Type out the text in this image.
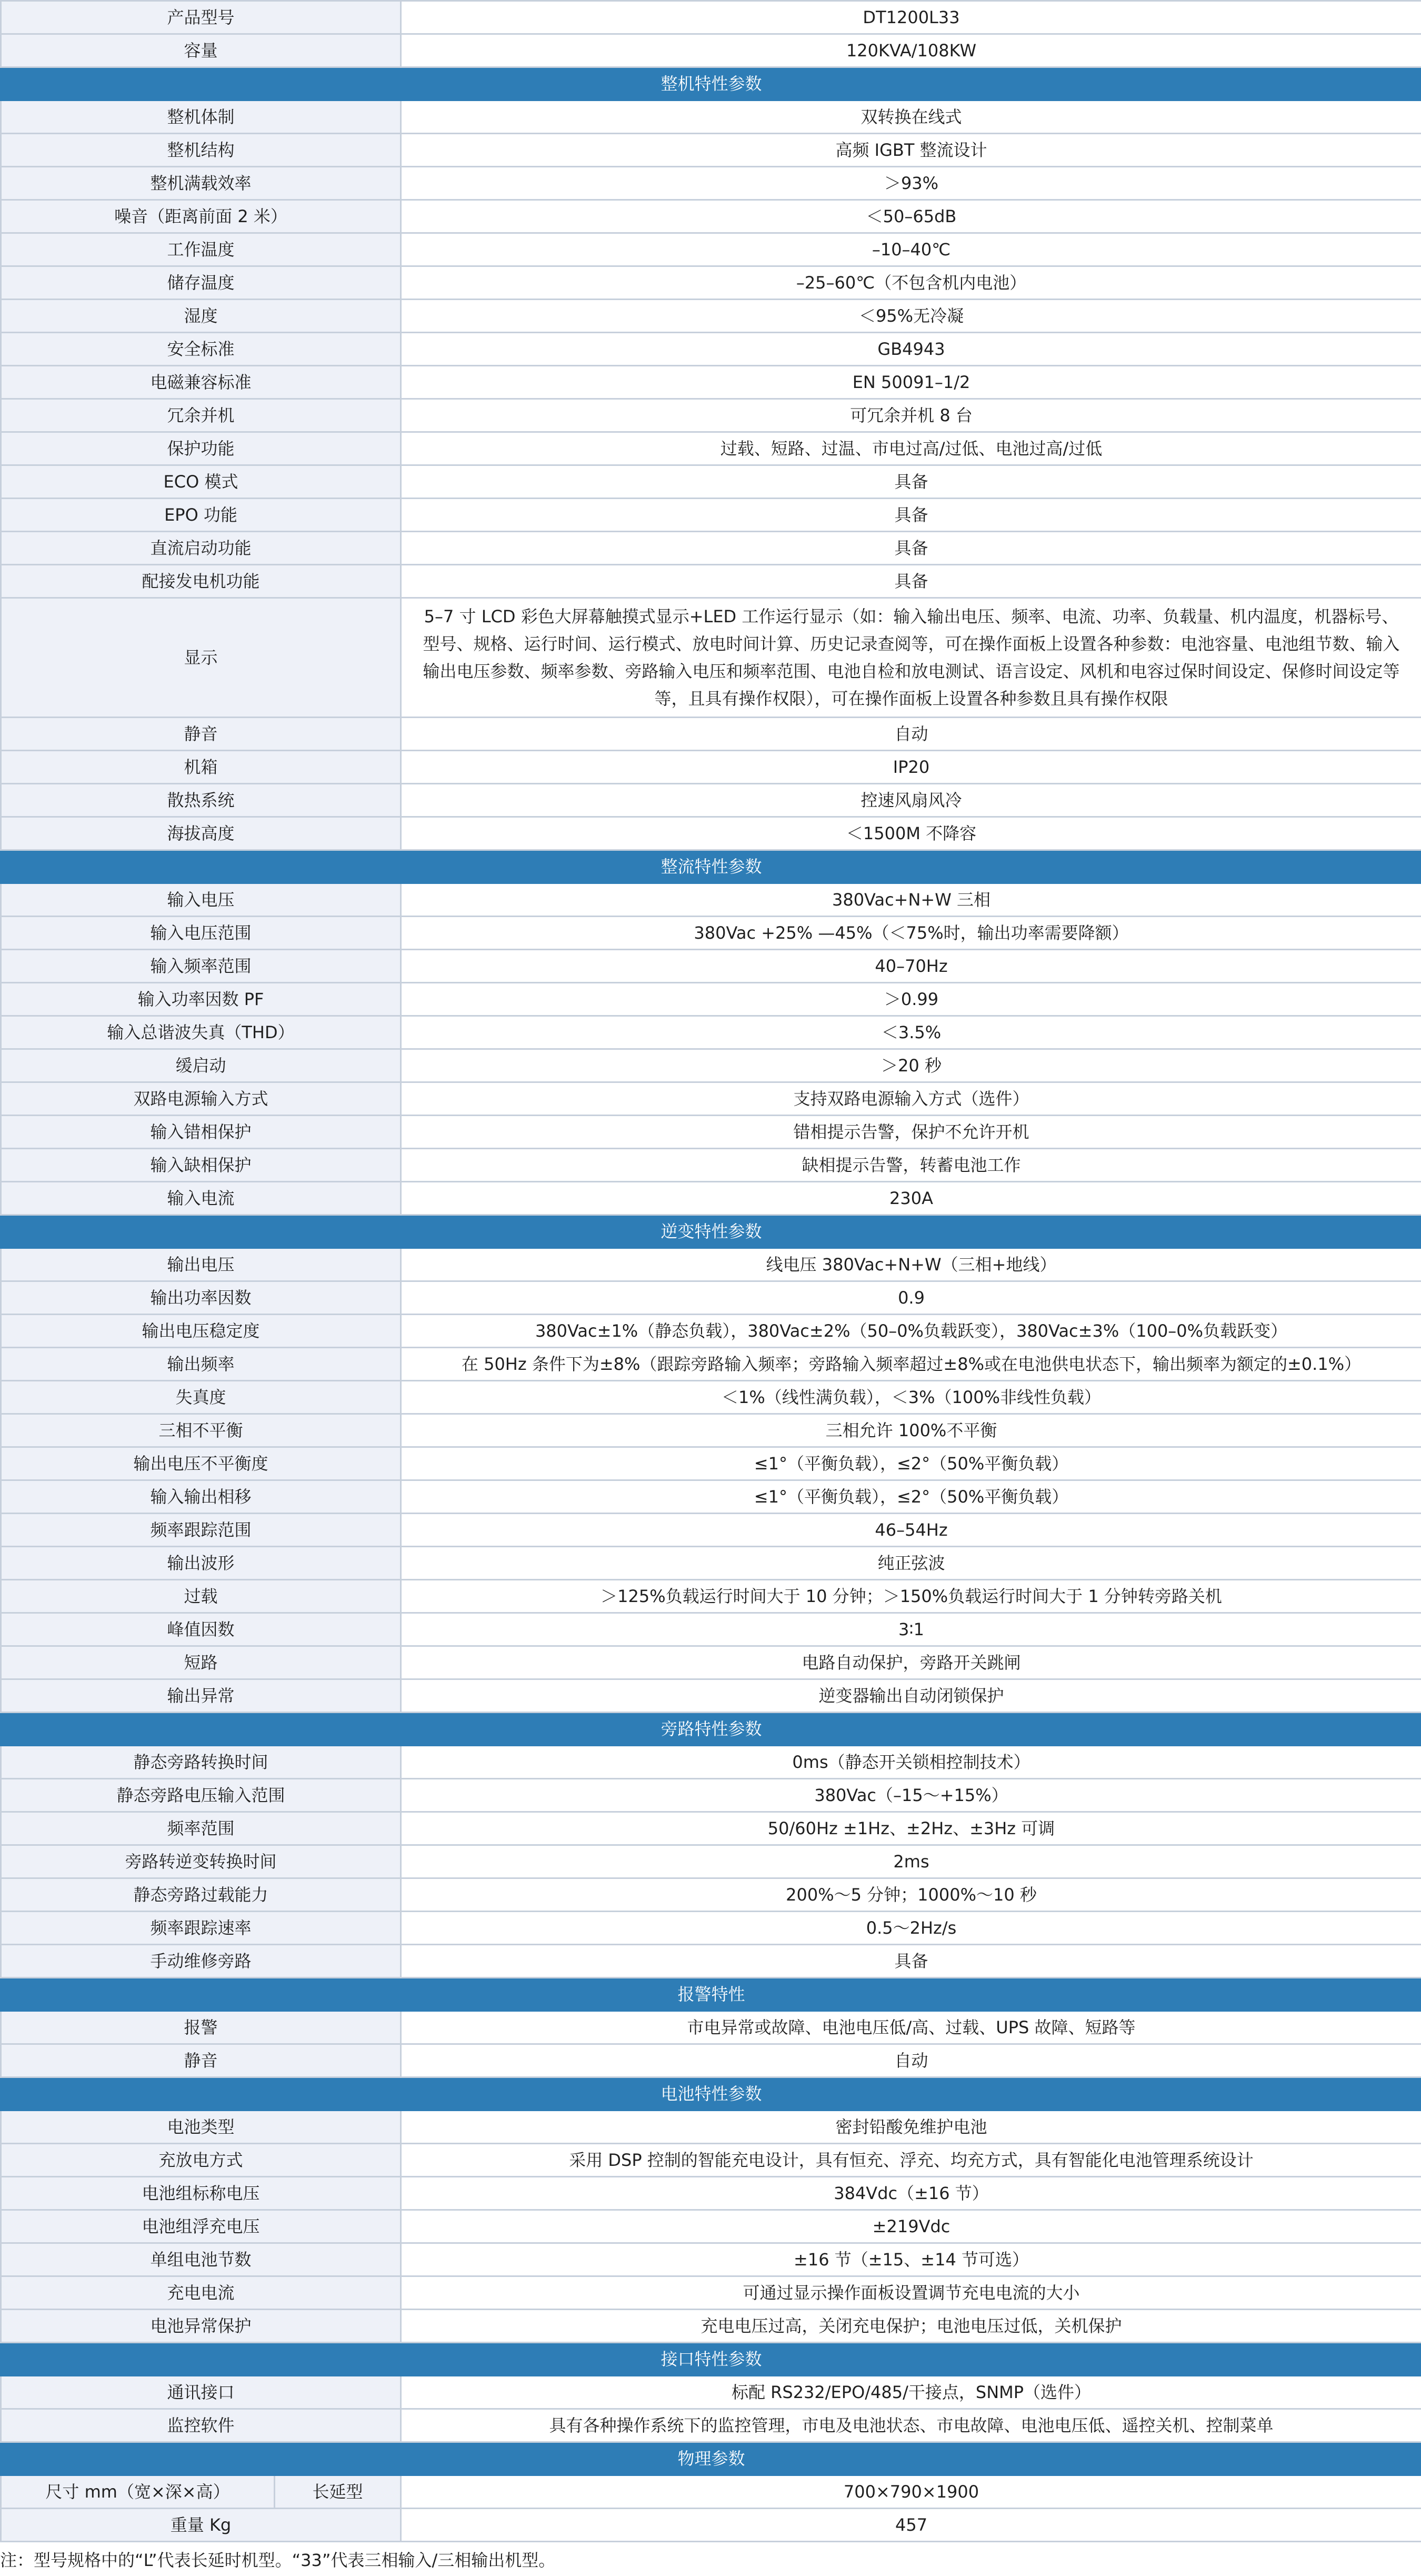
产品型号		DT1200L33
容量		120KVA/108KW
整机特性参数		
整机体制		双转换在线式
整机结构		高频 IGBT 整流设计
整机满载效率		＞93%
噪音（距离前面 2 米）		＜50–65dB
工作温度		–10–40℃
储存温度		–25–60℃（不包含机内电池）
湿度		＜95%无冷凝
安全标准		GB4943
电磁兼容标准		EN 50091–1/2
冗余并机		可冗余并机 8 台
保护功能		过载、短路、过温、市电过高/过低、电池过高/过低
ECO 模式		具备
EPO 功能		具备
直流启动功能		具备
配接发电机功能		具备
显示		5–7 寸 LCD 彩色大屏幕触摸式显示+LED 工作运行显示（如：输入输出电压、频率、电流、功率、负载量、机内温度，机器标号、型号、规格、运行时间、运行模式、放电时间计算、历史记录查阅等，可在操作面板上设置各种参数：电池容量、电池组节数、输入输出电压参数、频率参数、旁路输入电压和频率范围、电池自检和放电测试、语言设定、风机和电容过保时间设定、保修时间设定等等，且具有操作权限），可在操作面板上设置各种参数且具有操作权限
静音		自动
机箱		IP20
散热系统		控速风扇风冷
海拔高度		＜1500M 不降容
整流特性参数		
输入电压		380Vac+N+W 三相
输入电压范围		380Vac +25% —45%（＜75%时，输出功率需要降额）
输入频率范围		40–70Hz
输入功率因数 PF		＞0.99
输入总谐波失真（THD）		＜3.5%
缓启动		＞20 秒
双路电源输入方式		支持双路电源输入方式（选件）
输入错相保护		错相提示告警，保护不允许开机
输入缺相保护		缺相提示告警，转蓄电池工作
输入电流		230A
逆变特性参数		
输出电压		线电压 380Vac+N+W（三相+地线）
输出功率因数		0.9
输出电压稳定度		380Vac±1%（静态负载），380Vac±2%（50–0%负载跃变），380Vac±3%（100–0%负载跃变）
输出频率		在 50Hz 条件下为±8%（跟踪旁路输入频率；旁路输入频率超过±8%或在电池供电状态下，输出频率为额定的±0.1%）
失真度		＜1%（线性满负载），＜3%（100%非线性负载）
三相不平衡		三相允许 100%不平衡
输出电压不平衡度		≤1°（平衡负载），≤2°（50%平衡负载）
输入输出相移		≤1°（平衡负载），≤2°（50%平衡负载）
频率跟踪范围		46–54Hz
输出波形		纯正弦波
过载		＞125%负载运行时间大于 10 分钟；＞150%负载运行时间大于 1 分钟转旁路关机
峰值因数		3∶1
短路		电路自动保护，旁路开关跳闸
输出异常		逆变器输出自动闭锁保护
旁路特性参数		
静态旁路转换时间		0ms（静态开关锁相控制技术）
静态旁路电压输入范围		380Vac（–15～+15%）
频率范围		50/60Hz ±1Hz、±2Hz、±3Hz 可调
旁路转逆变转换时间		2ms
静态旁路过载能力		200%～5 分钟；1000%～10 秒
频率跟踪速率		0.5～2Hz/s
手动维修旁路		具备
报警特性		
报警		市电异常或故障、电池电压低/高、过载、UPS 故障、短路等
静音		自动
电池特性参数		
电池类型		密封铅酸免维护电池
充放电方式		采用 DSP 控制的智能充电设计，具有恒充、浮充、均充方式，具有智能化电池管理系统设计
电池组标称电压		384Vdc（±16 节）
电池组浮充电压		±219Vdc
单组电池节数		±16 节（±15、±14 节可选）
充电电流		可通过显示操作面板设置调节充电电流的大小
电池异常保护		充电电压过高，关闭充电保护；电池电压过低，关机保护
接口特性参数		
通讯接口		标配 RS232/EPO/485/干接点，SNMP（选件）
监控软件		具有各种操作系统下的监控管理，市电及电池状态、市电故障、电池电压低、遥控关机、控制菜单
物理参数		
尺寸 mm（宽×深×高）	长延型	700×790×1900
重量 Kg		457
注：型号规格中的“L”代表长延时机型。“33”代表三相输入/三相输出机型。
